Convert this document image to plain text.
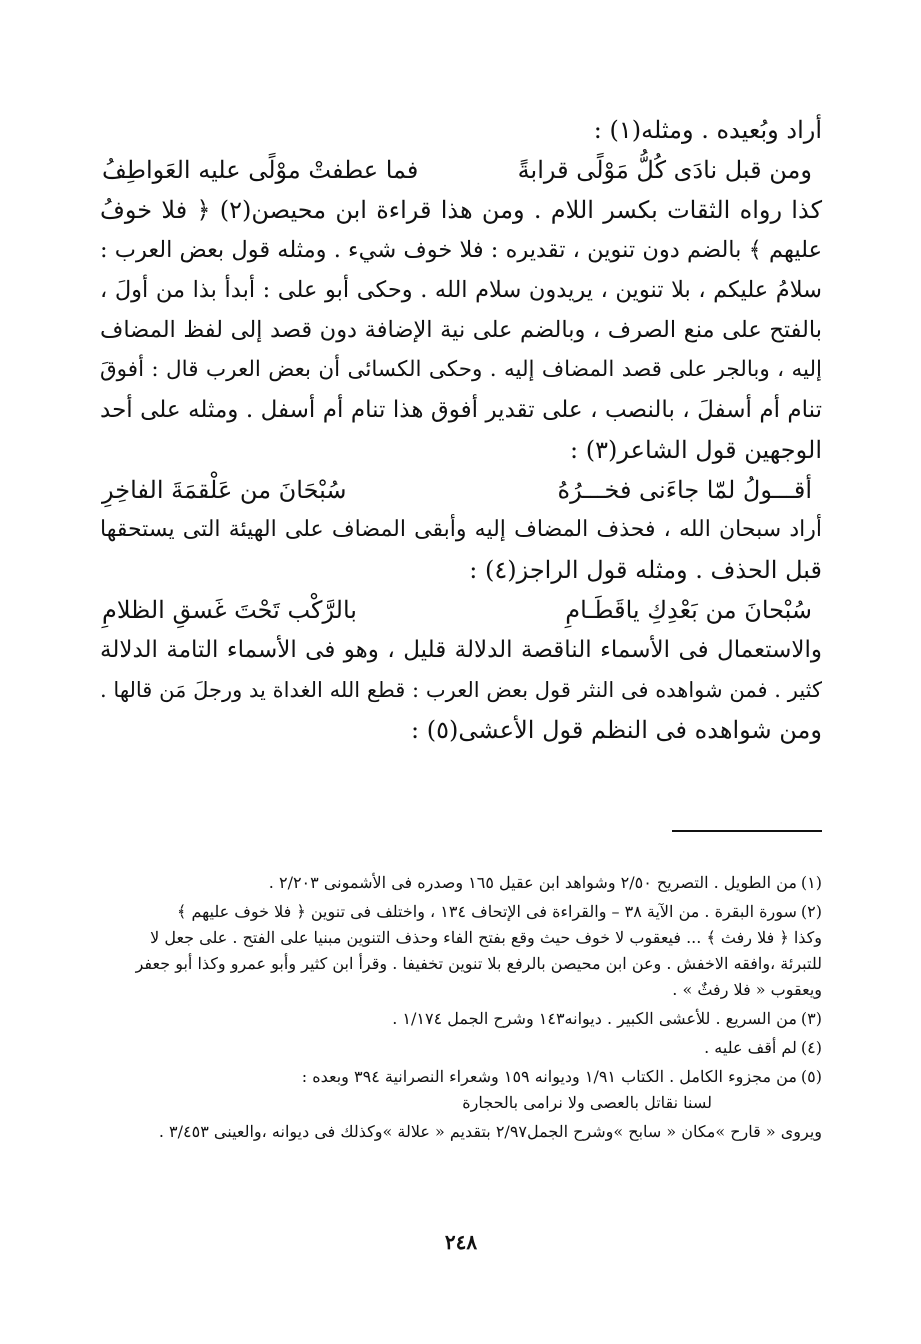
أراد وبُعيده . ومثله(١) :

ومن قبل نادَى كُلُّ مَوْلًى قرابةً
فما عطفتْ موْلًى عليه العَواطِفُ

كذا رواه الثقات بكسر اللام . ومن هذا قراءة ابن محيصن(٢) ﴿ فلا خوفُ
عليهم ﴾ بالضم دون تنوين ، تقديره : فلا خوف شيء . ومثله قول بعض العرب :
سلامُ عليكم ، بلا تنوين ، يريدون سلام الله . وحكى أبو على : أبدأ بذا من أولَ ،
بالفتح على منع الصرف ، وبالضم على نية الإضافة دون قصد إلى لفظ المضاف
إليه ، وبالجر على قصد المضاف إليه . وحكى الكسائى أن بعض العرب قال : أفوقَ
تنام أم أسفلَ ، بالنصب ، على تقدير أفوق هذا تنام أم أسفل . ومثله على أحد
الوجهين قول الشاعر(٣) :

أقـــولُ لمّا جاءَنى فخـــرُهُ
سُبْحَانَ من عَلْقمَةَ الفاخِرِ

أراد سبحان الله ، فحذف المضاف إليه وأبقى المضاف على الهيئة التى يستحقها
قبل الحذف . ومثله قول الراجز(٤) :

سُبْحانَ من بَعْدِكِ ياقَطَـامِ
بالرَّكْب تَحْتَ غَسقِ الظلامِ

والاستعمال فى الأسماء الناقصة الدلالة قليل ، وهو فى الأسماء التامة الدلالة
كثير . فمن شواهده فى النثر قول بعض العرب : قطع الله الغداة يد ورجلَ مَن قالها .
ومن شواهده فى النظم قول الأعشى(٥) :

(١)من الطويل . التصريح ٢/٥٠ وشواهد ابن عقيل ١٦٥ وصدره فى الأشمونى ٢/٢٠٣ .
(٢)سورة البقرة . من الآية ٣٨ – والقراءة فى الإتحاف ١٣٤ ، واختلف فى تنوين ﴿ فلا خوف عليهم ﴾
وكذا ﴿ فلا رفث ﴾ ... فيعقوب لا خوف حيث وقع بفتح الفاء وحذف التنوين مبنيا على الفتح . على جعل لا
للتبرئة ،وافقه الاخفش . وعن ابن محيصن بالرفع بلا تنوين تخفيفا . وقرأ ابن كثير وأبو عمرو وكذا أبو جعفر
ويعقوب « فلا رفثٌ » .
(٣)من السريع . للأعشى الكبير . ديوانه١٤٣ وشرح الجمل ١/١٧٤ .
(٤)لم أقف عليه .
(٥)من مجزوء الكامل . الكتاب ١/٩١ وديوانه ١٥٩ وشعراء النصرانية ٣٩٤ وبعده :
لسنا نقاتل بالعصى ولا نرامى بالحجارة
ويروى « قارح »مكان « سابح »وشرح الجمل٢/٩٧ بتقديم « علالة »وكذلك فى ديوانه ،والعينى ٣/٤٥٣ .
٢٤٨
